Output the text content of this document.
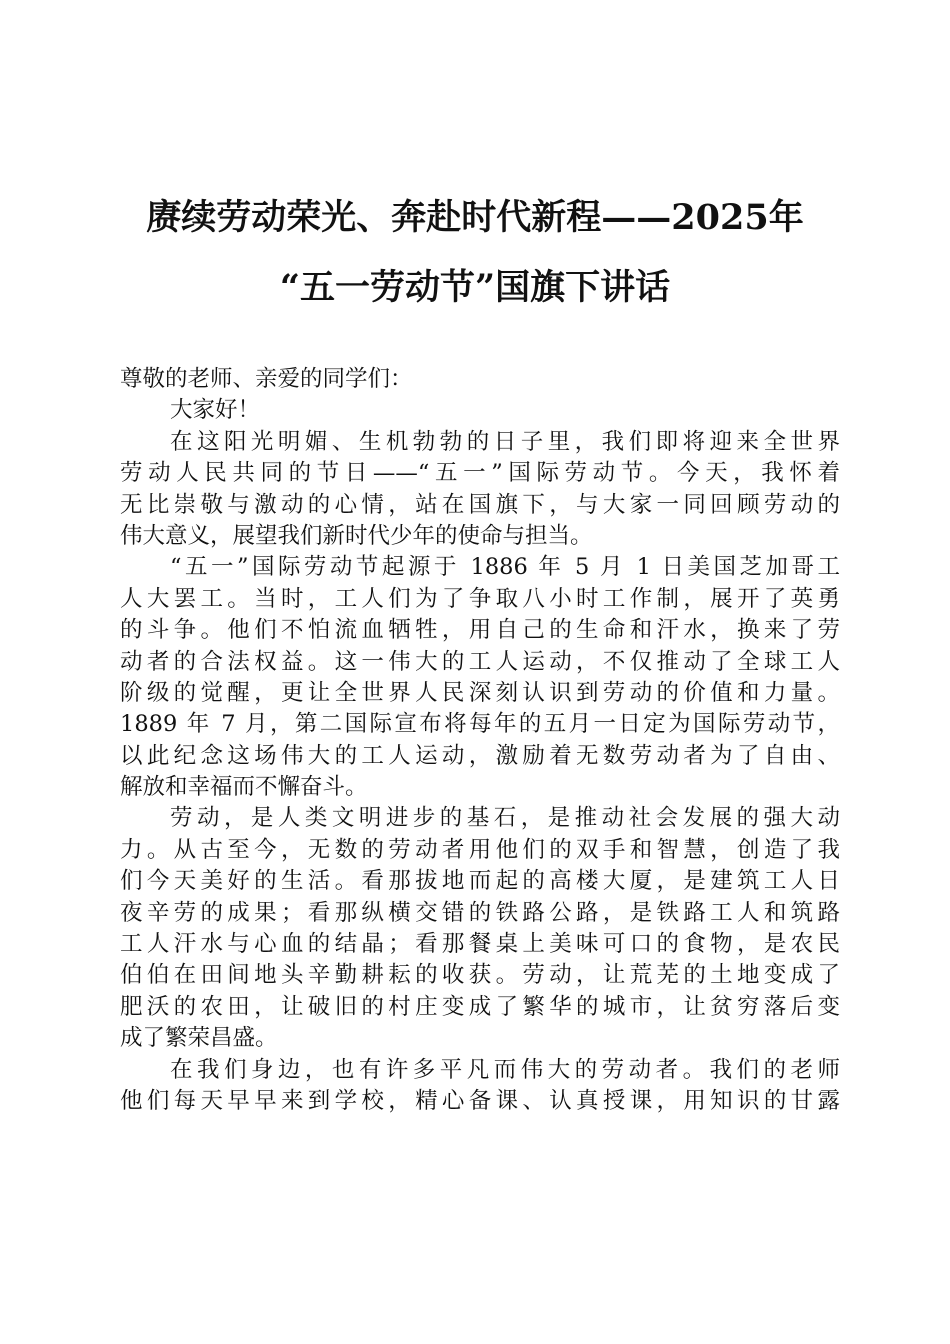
赓续劳动荣光、奔赴时代新程——2025年
“五一劳动节”国旗下讲话
尊敬的老师、亲爱的同学们：
大家好！
在这阳光明媚、生机勃勃的日子里，我们即将迎来全世界
劳动人民共同的节日——“五一”国际劳动节。今天，我怀着
无比崇敬与激动的心情，站在国旗下，与大家一同回顾劳动的
伟大意义，展望我们新时代少年的使命与担当。
“五一”国际劳动节起源于 1886 年 5 月 1 日美国芝加哥工
人大罢工。当时，工人们为了争取八小时工作制，展开了英勇
的斗争。他们不怕流血牺牲，用自己的生命和汗水，换来了劳
动者的合法权益。这一伟大的工人运动，不仅推动了全球工人
阶级的觉醒，更让全世界人民深刻认识到劳动的价值和力量。
1889 年 7 月，第二国际宣布将每年的五月一日定为国际劳动节，
以此纪念这场伟大的工人运动，激励着无数劳动者为了自由、
解放和幸福而不懈奋斗。
劳动，是人类文明进步的基石，是推动社会发展的强大动
力。从古至今，无数的劳动者用他们的双手和智慧，创造了我
们今天美好的生活。看那拔地而起的高楼大厦，是建筑工人日
夜辛劳的成果；看那纵横交错的铁路公路，是铁路工人和筑路
工人汗水与心血的结晶；看那餐桌上美味可口的食物，是农民
伯伯在田间地头辛勤耕耘的收获。劳动，让荒芜的土地变成了
肥沃的农田，让破旧的村庄变成了繁华的城市，让贫穷落后变
成了繁荣昌盛。
在我们身边，也有许多平凡而伟大的劳动者。我们的老师
他们每天早早来到学校，精心备课、认真授课，用知识的甘露
